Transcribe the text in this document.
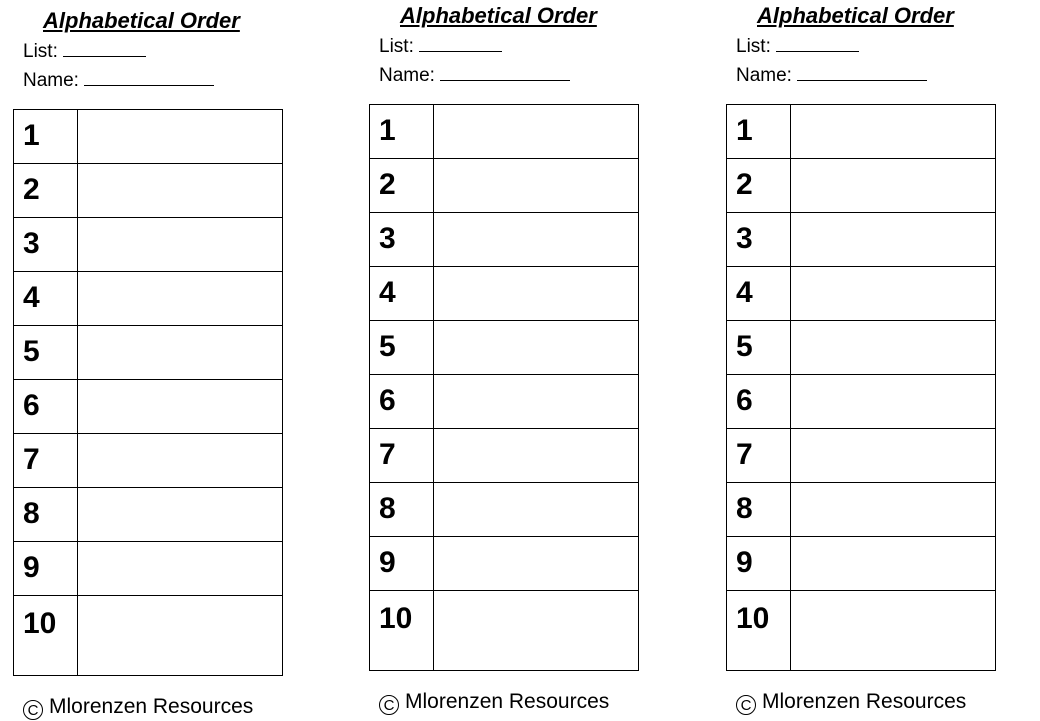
Alphabetical Order
List:
Name:
1	
2	
3	
4	
5	
6	
7	
8	
9	
10	
C Mlorenzen Resources
Alphabetical Order
List:
Name:
1	
2	
3	
4	
5	
6	
7	
8	
9	
10	
C Mlorenzen Resources
Alphabetical Order
List:
Name:
1	
2	
3	
4	
5	
6	
7	
8	
9	
10	
C Mlorenzen Resources
